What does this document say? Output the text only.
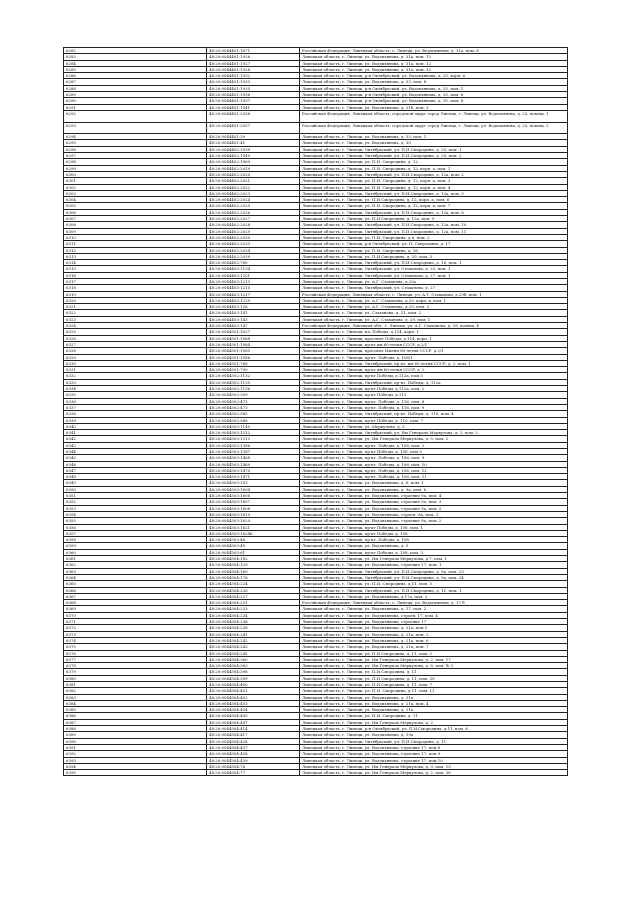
6282	48:20:0044401:1671	Российская Федерация, Липецкая область, г. Липецк, ул. Водопьянова, д. 31а, пом. 8
6283	48:20:0044401:1926	Липецкая область, г. Липецк, ул. Водопьянова, д. 31а, пом. 13
6284	48:20:0044401:1927	Липецкая область, г. Липецк, ул. Водопьянова, д. 31а, пом. 12
6285	48:20:0044401:1928	Липецкая область, г. Липецк, ул. Водопьянова, д. 31а, пом. 12
6286	48:20:0044401:1932	Липецкая область, г. Липецк, р-н Октябрьский, ул. Водопьянова, д. 25, корп. а
6287	48:20:0044401:1933	Липецкая область, г. Липецк, ул. Водопьянова, д. 33, пом. 8
6288	48:20:0044401:1935	Липецкая область, г. Липецк, р-н Октябрьский, ул. Водопьянова, д. 25, пом. 1
6289	48:20:0044401:1936	Липецкая область, г. Липецк, р-н Октябрьский, ул. Водопьянова, д. 35, пом. 6
6290	48:20:0044401:1937	Липецкая область, г. Липецк, р-н Октябрьский, ул. Водопьянова, д. 35, пом. 8
6291	48:20:0044401:1941	Липецкая область, г. Липецк, ул. Водопьянова, д. 21б, пом. 3
6292	48:20:0044401:2056	Российская Федерация, Липецкая область, городской округ город Липецк, г. Липецк, ул. Водопьянова, д. 25, помещ. 1
6293	48:20:0044401:2057	Российская Федерация, Липецкая область, городской округ город Липецк, г. Липецк, ул. Водопьянова, д. 25, помещ. 2
6294	48:20:0044401:39	Липецкая область, г. Липецк, ул. Водопьянова, д. 33, пом. 1
6295	48:20:0044401:41	Липецкая область, г. Липецк, ул. Водопьянова, д. 35
6296	48:20:0044402:1939	Липецкая область, г. Липецк, Октябрьский, ул. П.И.Смородина, д. 20, пом. 1
6297	48:20:0044402:1940	Липецкая область, г. Липецк, Октябрьский, ул. П.И.Смородина, д. 20, пом. 2
6298	48:20:0044402:1969	Липецкая область, г. Липецк, ул. П.И. Смородина, д. 12
6299	48:20:0044402:2019	Липецкая область, г. Липецк, ул. П.И. Смородина, д. 12, корп. а, пом. 1
6300	48:20:0044402:2020	Липецкая область, г. Липецк, Октябрьский, ул. П.И.Смородина, д. 12а, пом. 2
6301	48:20:0044402:2021	Липецкая область, г. Липецк, ул. П.И. Смородина, д. 12, корп. а, пом. 3
6302	48:20:0044402:2022	Липецкая область, г. Липецк, ул. П.И. Смородина, д. 12, корп. а, пом. 4
6303	48:20:0044402:2023	Липецкая область, г. Липецк, Октябрьский, ул. П.И.Смородина, д. 12а, пом. 5
6304	48:20:0044402:2024	Липецкая область, г. Липецк, ул. П.И.Смородина, д. 12, корп. а, пом. 6
6305	48:20:0044402:2025	Липецкая область, г. Липецк, ул. П.И. Смородина, д. 12, корп. а, пом. 7
6306	48:20:0044402:2026	Липецкая область, г. Липецк, Октябрьский, ул. П.И.Смородина, д. 12а, пом. 8
6307	48:20:0044402:2027	Липецкая область, г. Липецк, ул. П.И.Смородина, д. 12а, пом. 9
6308	48:20:0044402:2028	Липецкая область, г. Липецк, Октябрьский, ул. П.И.Смородина, д. 12а, пом. 10
6309	48:20:0044402:2029	Липецкая область, г. Липецк, Октябрьский, ул. П.И.Смородина, д. 12а, пом. 11
6310	48:20:0044402:2030	Липецкая область, г. Липецк, ул. П.И. Смородина, д.6, пом. 2
6311	48:20:0044402:2033	Липецкая область, г. Липецк, р-н Октябрьский, ул. П. Смородина, д. 17
6312	48:20:0044402:2034	Липецкая область, г. Липецк, ул. П.И. Смородина, д. 16
6313	48:20:0044402:2039	Липецкая область, г. Липецк, ул. П.И.Смородина, д. 20, пом. 3
6314	48:20:0044402:780	Липецкая область, г. Липецк, Октябрьский, ул. П.И.Смородина, д. 16, пом. 1
6315	48:20:0044403:1134	Липецкая область, г. Липецк, Октябрьский, ул. Стаханова, д. 25, пом. 1
6316	48:20:0044403:1201	Липецкая область, г. Липецк, Октябрьский, ул. Стаханова, д. 27, пом. 1
6317	48:20:0044403:1213	Липецкая область, г. Липецк, ул. А.Г. Стаханова, д.25а
6318	48:20:0044403:1215	Липецкая область, г. Липецк, Октябрьский, ул. Стаханова, д. 27
6319	48:20:0044403:1217	Российская Федерация, Липецкая область, г. Липецк, ул. А.Г. Стаханова, д.29б, пом. 1
6320	48:20:0044403:1220	Липецкая область, г. Липецк, ул. А.Г. Стаханова, д.29, корп. в, пом. 1
6321	48:20:0044403:126	Липецкая область, г. Липецк, ул. А.Г. Стаханова, д.29, пом. 3
6322	48:20:0044403:141	Липецкая область, г. Липецк, ул. Стаханова, д. 21, пом. 2
6323	48:20:0044403:143	Липецкая область, г. Липецк, ул. А.Г. Стаханова, д. 29, пом. 1
6324	48:20:0044403:147	Российская Федерация, Липецкая обл., г. Липецк, ул. А.Г. Стаханова, д. 39, помещ. 4
6325	48:20:0044501:1027	Липецкая область, г. Липецк, пл. Победы, д.114, корп. 1
6326	48:20:0044501:1068	Липецкая область, г. Липецк, проспект Победы, д.114, корп. 1
6327	48:20:0044501:1084	Липецкая область, г. Липецк, пр-кт им 60-летия СССР, д.2/1
6328	48:20:0044501:1085	Липецкая область, г. Липецк, проспект Имени 60-летия СССР, д.2/1
6329	48:20:0044501:1086	Липецкая область, г. Липецк, пр-кт. Победы, д. 106/1
6330	48:20:0044501:768	Липецкая область, г. Липецк, Октябрьский, пр-кт. им 60-летия СССР, д. 2, пом. 1
6331	48:20:0044501:790	Липецкая область, г. Липецк, пр-кт им 60-летия СССР, д. 2
6332	48:20:0044502:1132	Липецкая область, г. Липецк, пр-кт Победы, д.112а, пом 5
6333	48:20:0044502:1135	Липецкая область, г. Липецк, Октябрьский, пр-кт. Победы, д. 112а
6334	48:20:0044502:1136	Липецкая область, г. Липецк, пр-кт Победы, д.112а, пом. 2
6335	48:20:0044502:309	Липецкая область, г. Липецк, пр-кт Победы, д.112
6336	48:20:0044502:471	Липецкая область, г. Липецк, пр-кт. Победы, д. 116, пом. 8
6337	48:20:0044502:473	Липецкая область, г. Липецк, пр-кт. Победы, д. 116, пом. 9
6338	48:20:0044502:565	Липецкая область, г. Липецк, Октябрьский, пр-кт. Победы, д. 110, пом. 4
6339	48:20:0044502:568	Липецкая область, г. Липецк, пр-кт Победы, д. 110, пом. 7
6340	48:20:0044503:1140	Липецкая область, г. Липецк, ул. Меркулова, д. 5
6341	48:20:0044503:1312	Липецкая область, г. Липецк, Октябрьский, ул. Им Генерала Меркулова, д. 2, пом. 2
6342	48:20:0044503:1313	Липецкая область, г. Липецк, ул. Им Генерала Меркулова, д. 5, пом. 2
6343	48:20:0044503:1386	Липецкая область, г. Липецк, пр-кт. Победы, д. 108, пом. 2
6344	48:20:0044503:1387	Липецкая область, г. Липецк, пр-кт Победы, д. 108, пом 3
6345	48:20:0044503:1468	Липецкая область, г. Липецк, пр-кт. Победы, д. 106, пом. 9
6346	48:20:0044503:1469	Липецкая область, г. Липецк, пр-кт. Победы, д. 106, пом. 10
6347	48:20:0044503:1470	Липецкая область, г. Липецк, пр-кт. Победы, д. 106, пом. 12
6348	48:20:0044503:1471	Липецкая область, г. Липецк, пр-кт. Победы, д. 106, пом. 11
6349	48:20:0044503:153	Липецкая область, г. Липецк, ул. Водопьянова, д. 6, пом. 1
6350	48:20:0044503:1604	Липецкая область, г. Липецк, ул. Водопьянова, д. 9а, пом. 6
6351	48:20:0044503:1606	Липецкая область, г. Липецк, ул. Водопьянова, строение 9а, пом. 4
6352	48:20:0044503:1607	Липецкая область, г. Липецк, ул. Водопьянова, строение 9а, пом. 3
6353	48:20:0044503:1608	Липецкая область, г. Липецк, ул. Водопьянова, строение 9а, пом. 5
6354	48:20:0044503:1619	Липецкая область, г. Липецк, ул. Водопьянова, строен. 9А, пом. 1
6355	48:20:0044503:1620	Липецкая область, г. Липецк, ул. Водопьянова, строение 9а, пом. 2
6356	48:20:0044503:1621	Липецкая область, г. Липецк, пр-кт Победы, д. 108, пом. 1
6357	48:20:0044503:16246	Липецкая область, г. Липецк, пр-кт Победы, д. 108
6358	48:20:0044503:46	Липецкая область, г. Липецк, пр-кт. Победы, д. 108
6359	48:20:0044503:49	Липецкая область, г. Липецк, ул. Водопьянова, д. 9
6360	48:20:0044503:61	Липецкая область, г. Липецк, пр-кт Победы, д. 108, пом. 3
6361	48:20:0044504:182	Липецкая область, г. Липецк, ул. Им Генерала Меркулова, д.7, пом. 1
6362	48:20:0044504:129	Липецкая область, г. Липецк, ул. Водопьянова, строение 17, пом. 1
6363	48:20:0044504:169	Липецкая область, г. Липецк, Октябрьский, ул. П.И.Смородина, д. 9а, пом. 23
6364	48:20:0044504:176	Липецкая область, г. Липецк, Октябрьский, ул. П.И.Смородина, д. 9а, пом. 24
6365	48:20:0044504:224	Липецкая область, г. Липецк, ул. П.И. Смородина, д.11, пом. 5
6366	48:20:0044504:226	Липецкая область, г. Липецк, Октябрьский, ул. П.И.Смородина, д. 11, пом. 1
6367	48:20:0044504:227	Липецкая область, г. Липецк, ул. Водопьянова, д.17а, пом. 2
6368	48:20:0044504:231	Российская Федерация, Липецкая область, г. Липецк, ул. Водопьянова, д. 17 б
6369	48:20:0044504:233	Липецкая область, г. Липецк, ул. Водопьянова, д. 17, пом. 2
6370	48:20:0044504:234	Липецкая область, г. Липецк, ул. Водопьянова, строен. 17, пом. 4
6371	48:20:0044504:236	Липецкая область, г. Липецк, ул. Водопьянова, строение 17
6372	48:20:0044504:238	Липецкая область, г. Липецк, ул. Водопьянова, д. 21а, пом 5
6373	48:20:0044504:241	Липецкая область, г. Липецк, ул. Водопьянова, д. 21а, пом. 2
6374	48:20:0044504:242	Липецкая область, г. Липецк, ул. Водопьянова, д. 21а, пом. 6
6375	48:20:0044504:243	Липецкая область, г. Липецк, ул. Водопьянова, д. 21а, пом. 7
6376	48:20:0044504:245	Липецкая область, г. Липецк, ул. П.И.Смородина, д. 11, пом. 2
6377	48:20:0044504:360	Липецкая область, г. Липецк, ул. Им Генерала Меркулова, д. 2, пом. 17
6378	48:20:0044504:363	Липецкая область, г. Липецк, ул. Им Генерала Меркулова, д. 8, пом. № 1
6379	48:20:0044504:398	Липецкая область, г. Липецк, ул. П.И.Смородина, д. 11
6380	48:20:0044504:399	Липецкая область, г. Липецк, ул. П.И Смородина, д. 11, пом. 39
6381	48:20:0044504:400	Липецкая область, г. Липецк, ул. П.И Смородина, д. 11, пом. 7
6382	48:20:0044504:401	Липецкая область, г. Липецк, ул. П.И. Смородина, д.11, пом. 11
6383	48:20:0044504:402	Липецкая область, г. Липецк, ул. Водопьянова, д. 21а
6384	48:20:0044504:403	Липецкая область, г. Липецк, ул. Водопьянова, д. 21а, пом. 4
6385	48:20:0044504:404	Липецкая область, г. Липецк, ул. Водопьянова, д. 21а
6386	48:20:0044504:405	Липецкая область, г. Липецк, ул. П.И. Смородина, д. 11
6387	48:20:0044504:407	Липецкая область, г. Липецк, ул. Им Генерала Меркулова, д. 2
6388	48:20:0044504:414	Липецкая область, г. Липецк, р-н Октябрьский, ул. П.И.Смородина, д.11, пом. 6
6389	48:20:0044504:417	Липецкая область, г. Липецк, ул. Водопьянова, д. 19а
6390	48:20:0044504:428	Липецкая область, г. Липецк, Октябрьский, ул. П.И.Смородина, д. 11
6391	48:20:0044504:437	Липецкая область, г. Липецк, ул. Водопьянова, строение 17, пом 8
6392	48:20:0044504:438	Липецкая область, г. Липецк, ул. Водопьянова, строение 17, пом 9
6393	48:20:0044504:439	Липецкая область, г. Липецк, ул. Водопьянова, строение 17, пом 10
6394	48:20:0044504:76	Липецкая область, г. Липецк, ул. Им Генерала Меркулова, д. 3, пом. 15
6395	48:20:0044504:77	Липецкая область, г. Липецк, ул. Им Генерала Меркулова, д. 2, пом. 36
